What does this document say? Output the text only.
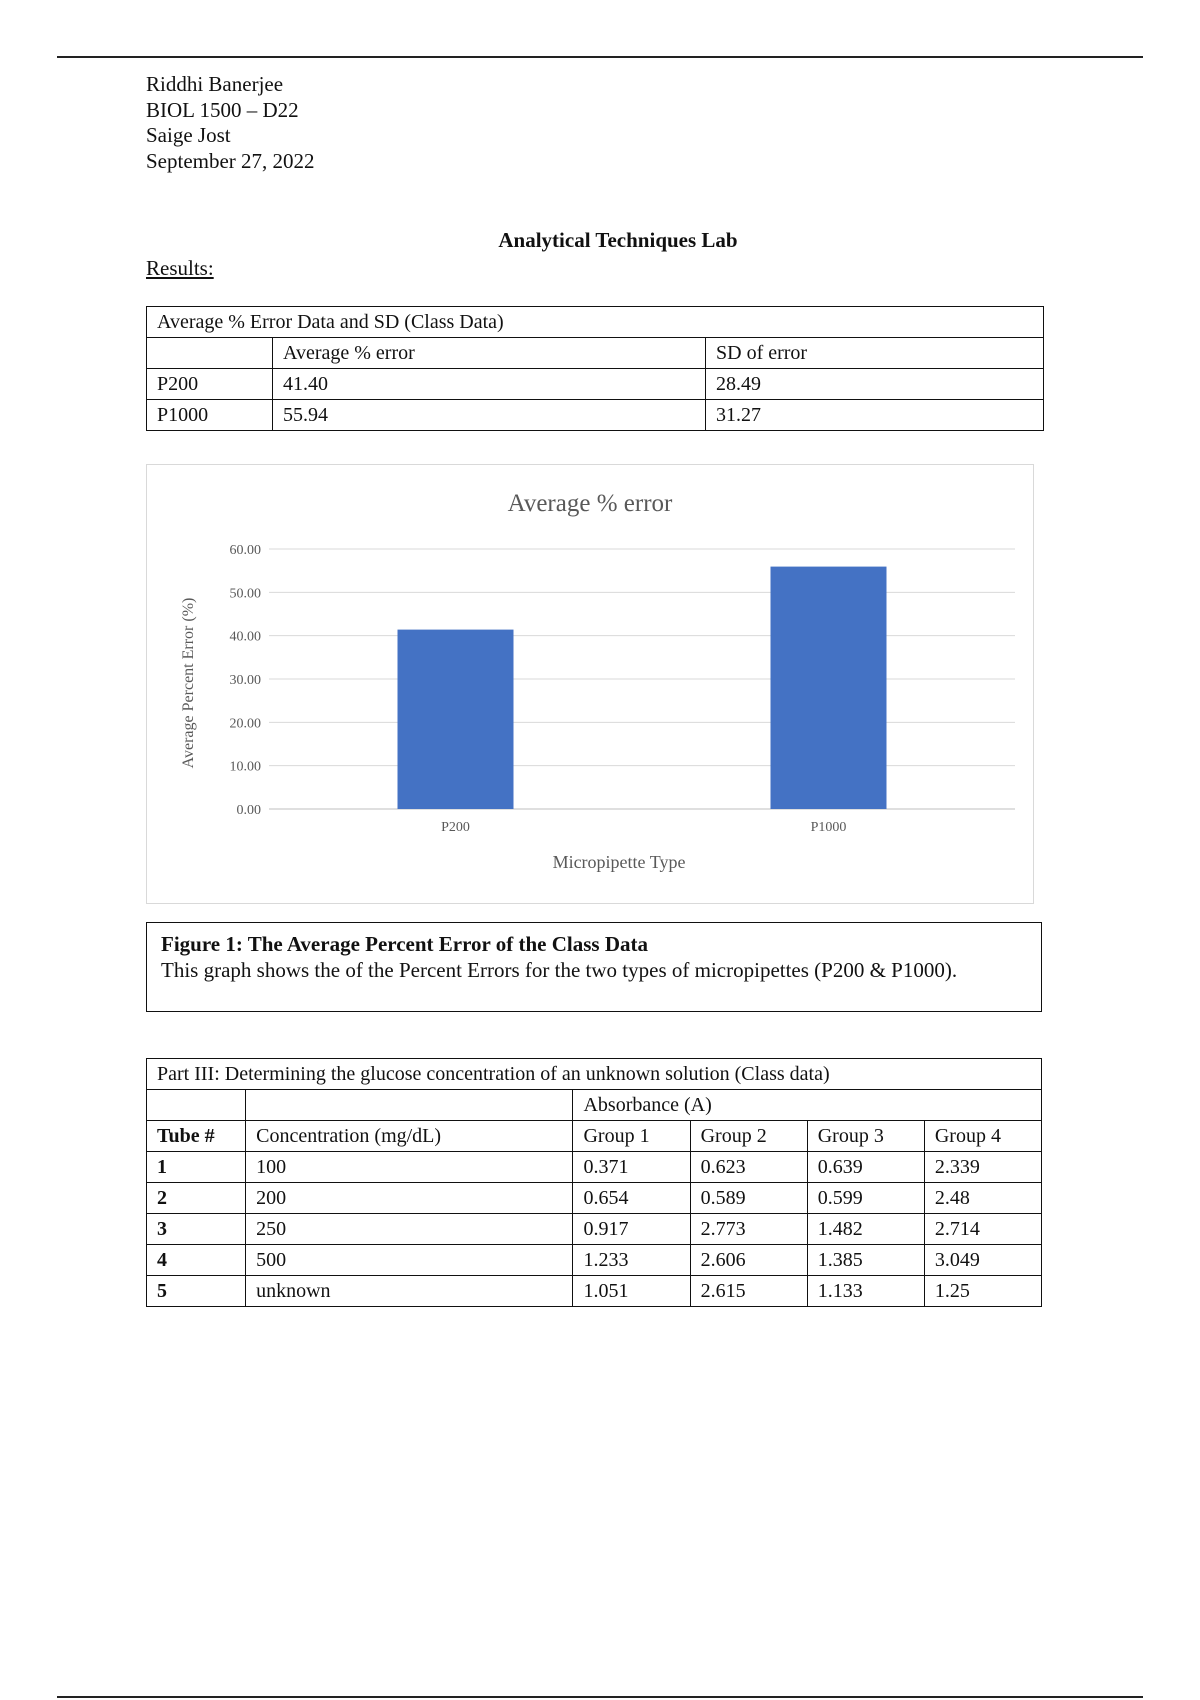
Riddhi Banerjee
BIOL 1500 – D22
Saige Jost
September 27, 2022
Analytical Techniques Lab
Results:
Average % Error Data and SD (Class Data)		
	Average % error	SD of error
P200	41.40	28.49
P1000	55.94	31.27
Average % error
Average Percent Error (%)
Micropipette Type
0.00
10.00
20.00
30.00
40.00
50.00
60.00
P200	P1000
Figure 1: The Average Percent Error of the Class Data
This graph shows the of the Percent Errors for the two types of micropipettes (P200 & P1000).
Part III: Determining the glucose concentration of an unknown solution (Class data)					
		Absorbance (A)			
Tube #	Concentration (mg/dL)	Group 1	Group 2	Group 3	Group 4
1	100	0.371	0.623	0.639	2.339
2	200	0.654	0.589	0.599	2.48
3	250	0.917	2.773	1.482	2.714
4	500	1.233	2.606	1.385	3.049
5	unknown	1.051	2.615	1.133	1.25
